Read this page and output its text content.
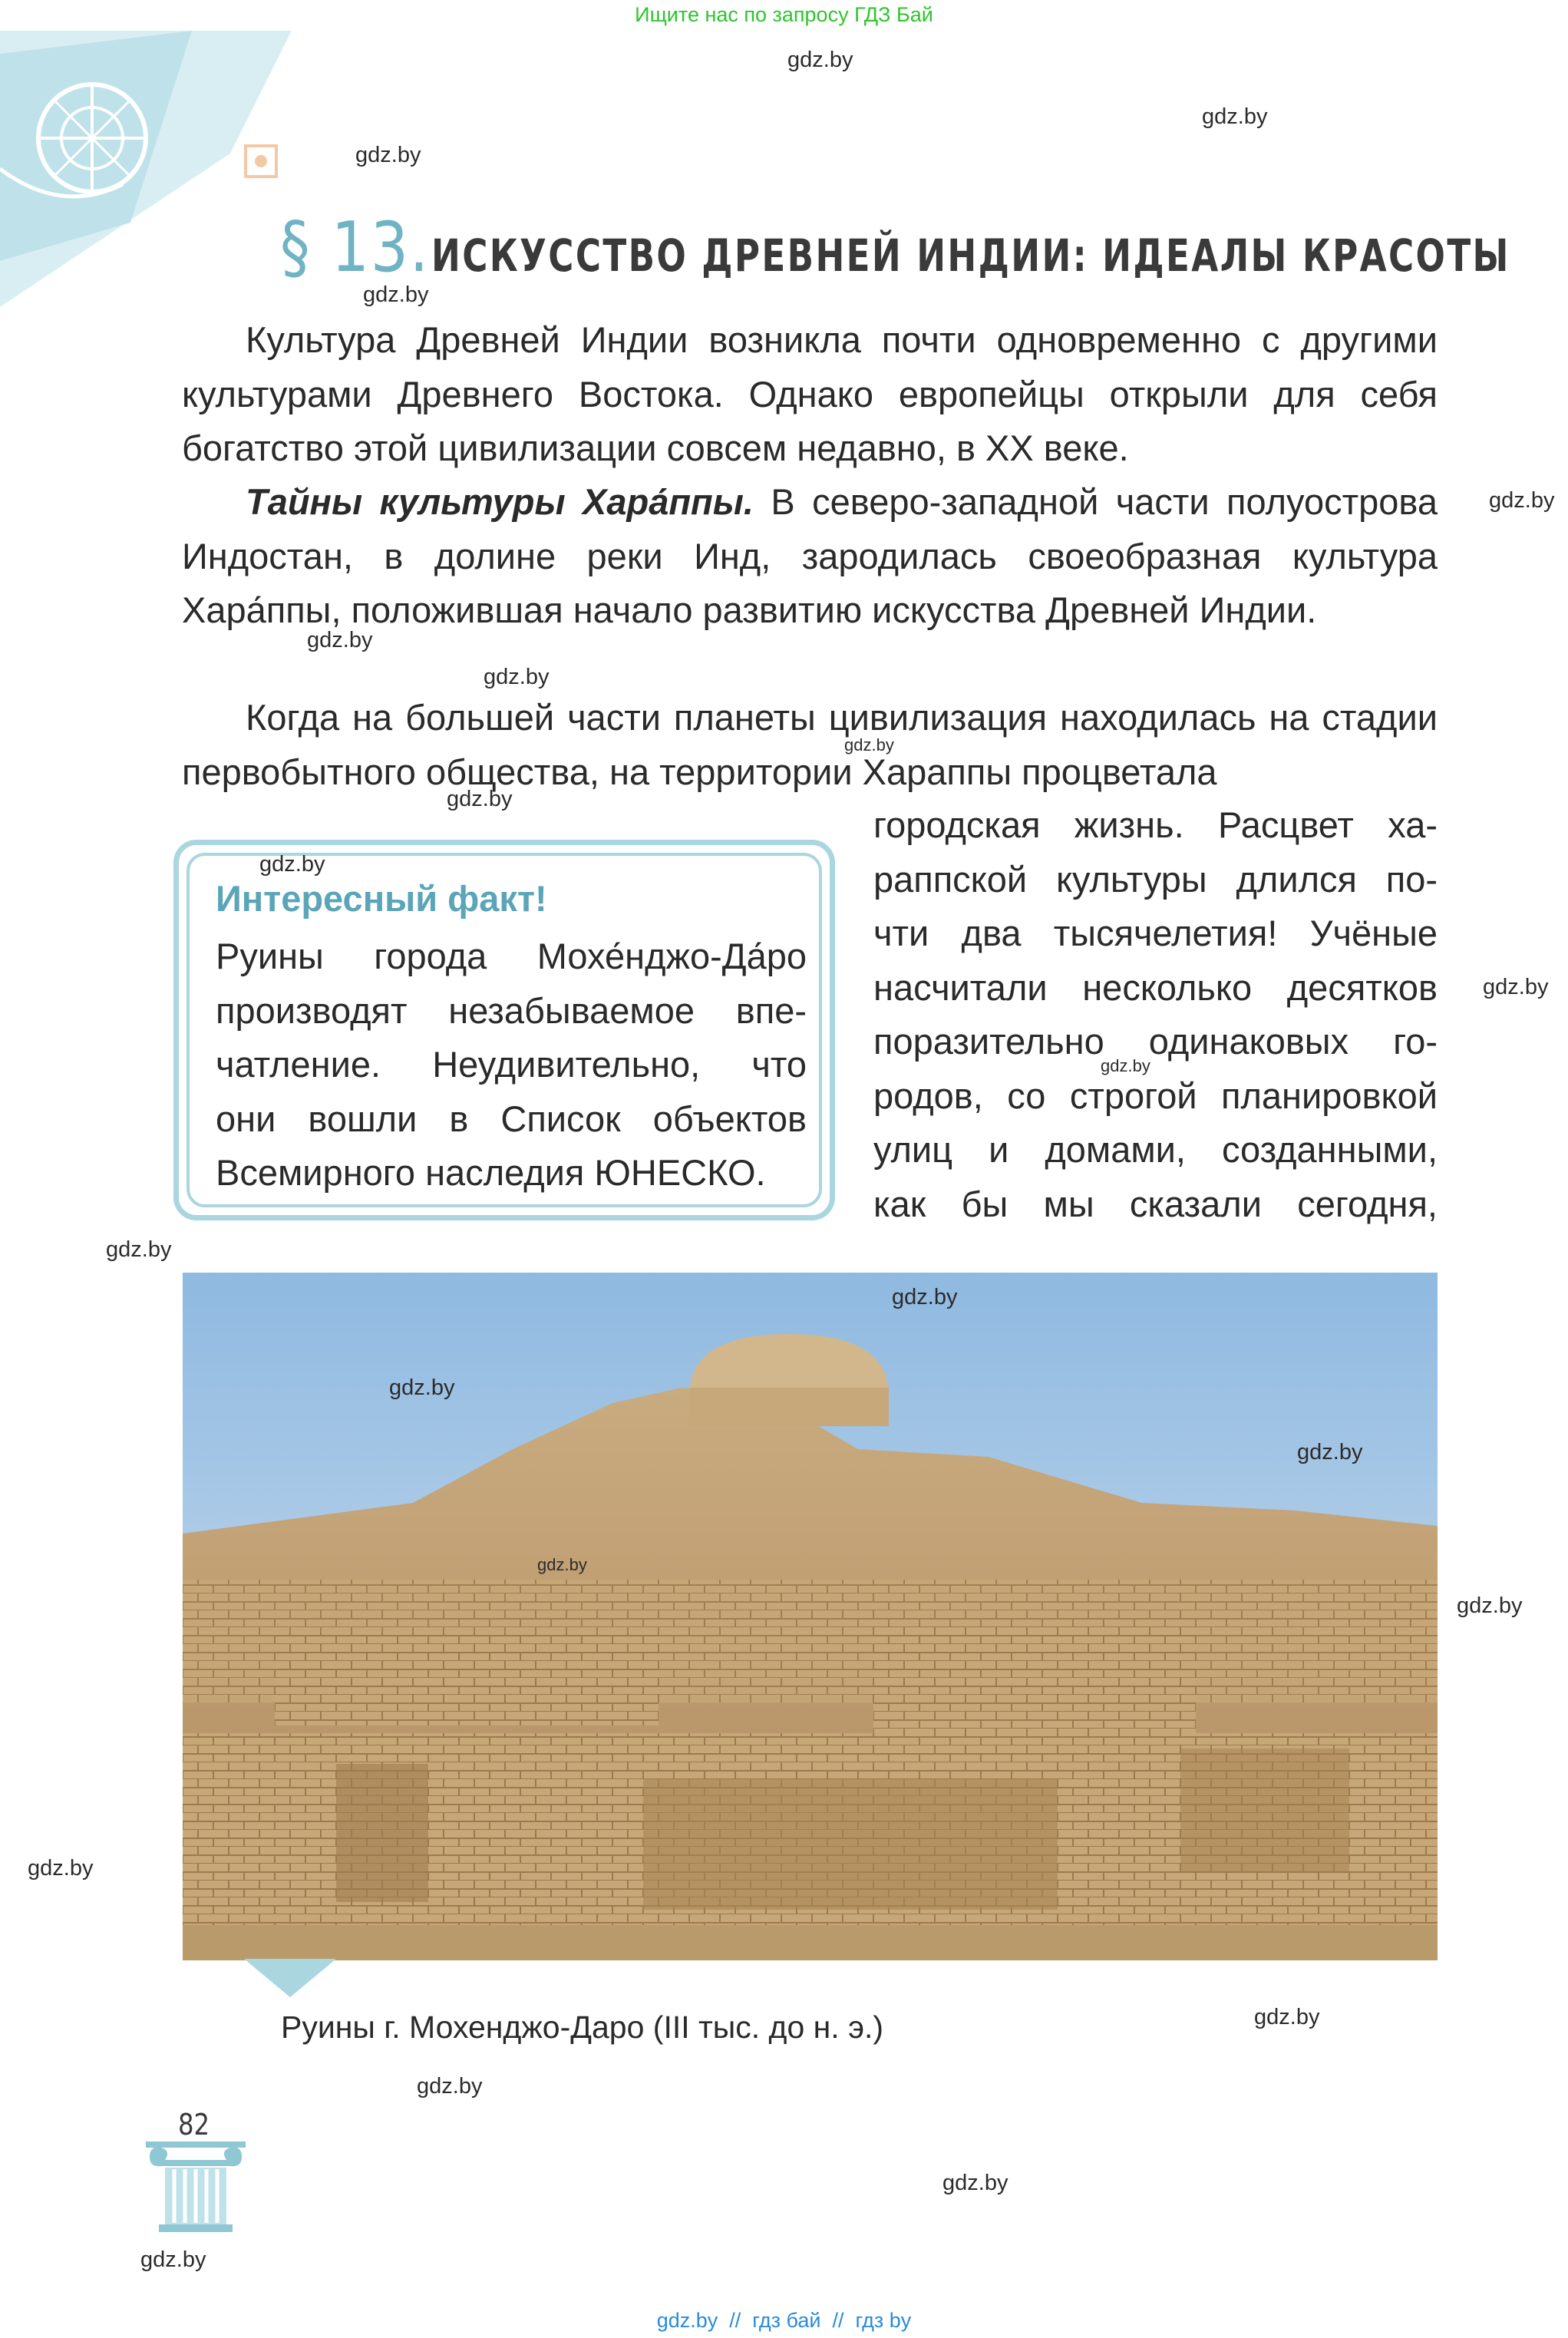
Ищите нас по запросу ГДЗ Бай
§ 13. ИСКУССТВО ДРЕВНЕЙ ИНДИИ: ИДЕАЛЫ КРАСОТЫ
Культура Древней Индии возникла почти одновременно с другими культурами Древнего Востока. Однако европейцы открыли для себя богатство этой цивилизации совсем недавно, в XX веке.
Тайны культуры Хара́ппы. В северо-западной части полуострова Индостан, в долине реки Инд, зародилась своеобразная культура Хара́ппы, положившая начало развитию искусства Древней Индии.
Когда на большей части планеты цивилизация находилась на стадии первобытного общества, на территории Хараппы процветала
городская жизнь. Расцвет ха-
раппской культуры длился по-
чти два тысячелетия! Учёные
насчитали несколько десятков
поразительно одинаковых го-
родов, со строгой планировкой
улиц и домами, созданными,
как бы мы сказали сегодня,
Интересный факт!
Руины города Мохе́нджо-Да́ро
производят незабываемое впе-
чатление. Неудивительно, что
они вошли в Список объектов
Всемирного наследия ЮНЕСКО.
Руины г. Мохенджо-Даро (III тыс. до н. э.)
82
gdz.by
gdz.by
gdz.by
gdz.by
gdz.by
gdz.by
gdz.by
gdz.by
gdz.by
gdz.by
gdz.by
gdz.by
gdz.by
gdz.by
gdz.by
gdz.by
gdz.by
gdz.by
gdz.by
gdz.by
gdz.by
gdz.by
gdz.by
gdz.by  //  гдз бай  //  гдз by
